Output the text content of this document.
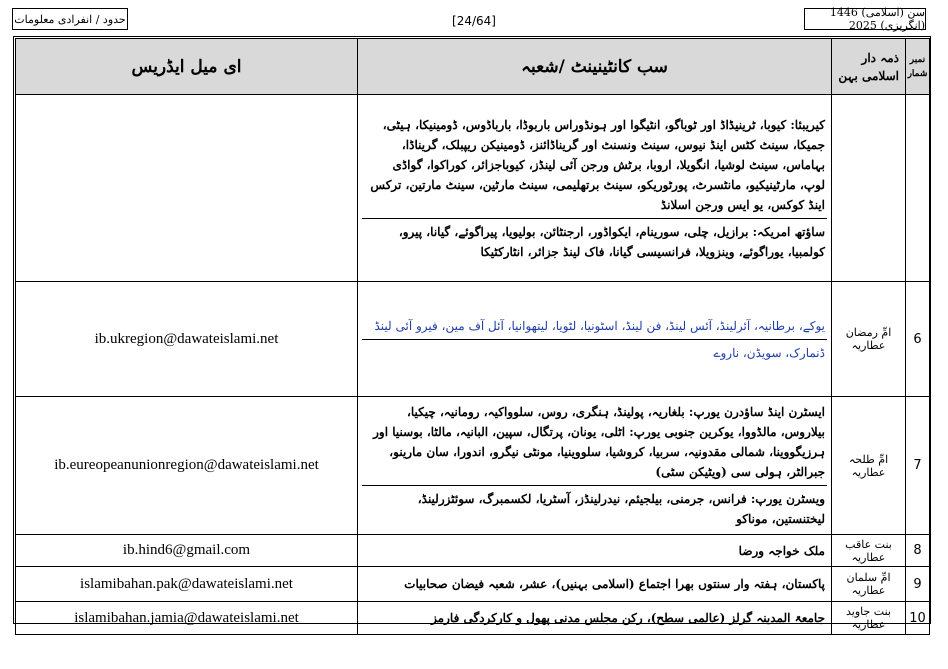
حدود / انفرادی معلومات	[24/64]
سن (اسلامی) 1446 (انگریزی) 2025
نمبر شمار	ذمہ دار اسلامی بہن	سب کانٹینینٹ /شعبہ	ای میل ایڈریس

		کیریبئا: کیوبا، ٹرینیڈاڈ اور ٹوباگو، انٹیگوا اور ہونڈوراس باربوڈا، بارباڈوس، ڈومینیکا، ہیٹی، جمیکا، سینٹ کٹس اینڈ نیوس، سینٹ ونسنٹ اور گریناڈائنز، ڈومینیکن ریپبلک، گریناڈا، بہاماس، سینٹ لوشیا، انگویلا، اروبا، برٹش ورجن آئی لینڈز، کیوباجزائر، کوراکوا، گواڈی لوپ، مارٹینیکیو، مانٹسرٹ، پورٹوریکو، سینٹ برتھلیمی، سینٹ مارٹین، سینٹ مارتین، ترکس اینڈ کوکس، یو ایس ورجن اسلانڈ
ساؤتھ امریکہ: برازیل، چلی، سورینام، ایکواڈور، ارجنٹائن، بولیویا، پیراگوئے، گیانا، پیرو، کولمبیا، یوراگوئے، وینزویلا، فرانسیسی گیانا، فاک لینڈ جزائر، انٹارکٹیکا	

6	امِّ رمضان عطاریہ	یوکے، برطانیہ، آئرلینڈ، آئس لینڈ، فن لینڈ، اسٹونیا، لٹویا، لیتھوانیا، آئل آف مین، فیرو آئی لینڈ
ڈنمارک، سویڈن، ناروے	ib.ukregion@dawateislami.net
7	امِّ طلحہ عطاریہ	ایسٹرن اینڈ ساؤدرن یورپ: بلغاریہ، پولینڈ، ہنگری، روس، سلوواکیہ، رومانیہ، چیکیا، بیلاروس، مالڈووا، یوکرین جنوبی یورپ: اٹلی، یونان، پرتگال، سپین، البانیہ، مالٹا، بوسنیا اور ہرزیگووینا، شمالی مقدونیہ، سربیا، کروشیا، سلووینیا، مونٹی نیگرو، اندورا، سان مارینو، جبرالٹر، ہولی سی (ویٹیکن سٹی)
ویسٹرن یورپ: فرانس، جرمنی، بیلجیئم، نیدرلینڈز، آسٹریا، لکسمبرگ، سوئٹزرلینڈ، لیختنستین، موناکو	ib.eureopeanunionregion@dawateislami.net
8	بنت عاقب عطاریہ	ملک خواجہ ورضا	ib.hind6@gmail.com
9	امِّ سلمان عطاریہ	پاکستان، ہفتہ وار سنتوں بھرا اجتماع (اسلامی بہنیں)، عشر، شعبہ فیضان صحابیات	islamibahan.pak@dawateislami.net
10	بنت جاوید عطاریہ	جامعۃ المدینہ گرلز (عالمی سطح)، رکن مجلس مدنی پھول و کارکردگی فارمز	islamibahan.jamia@dawateislami.net
